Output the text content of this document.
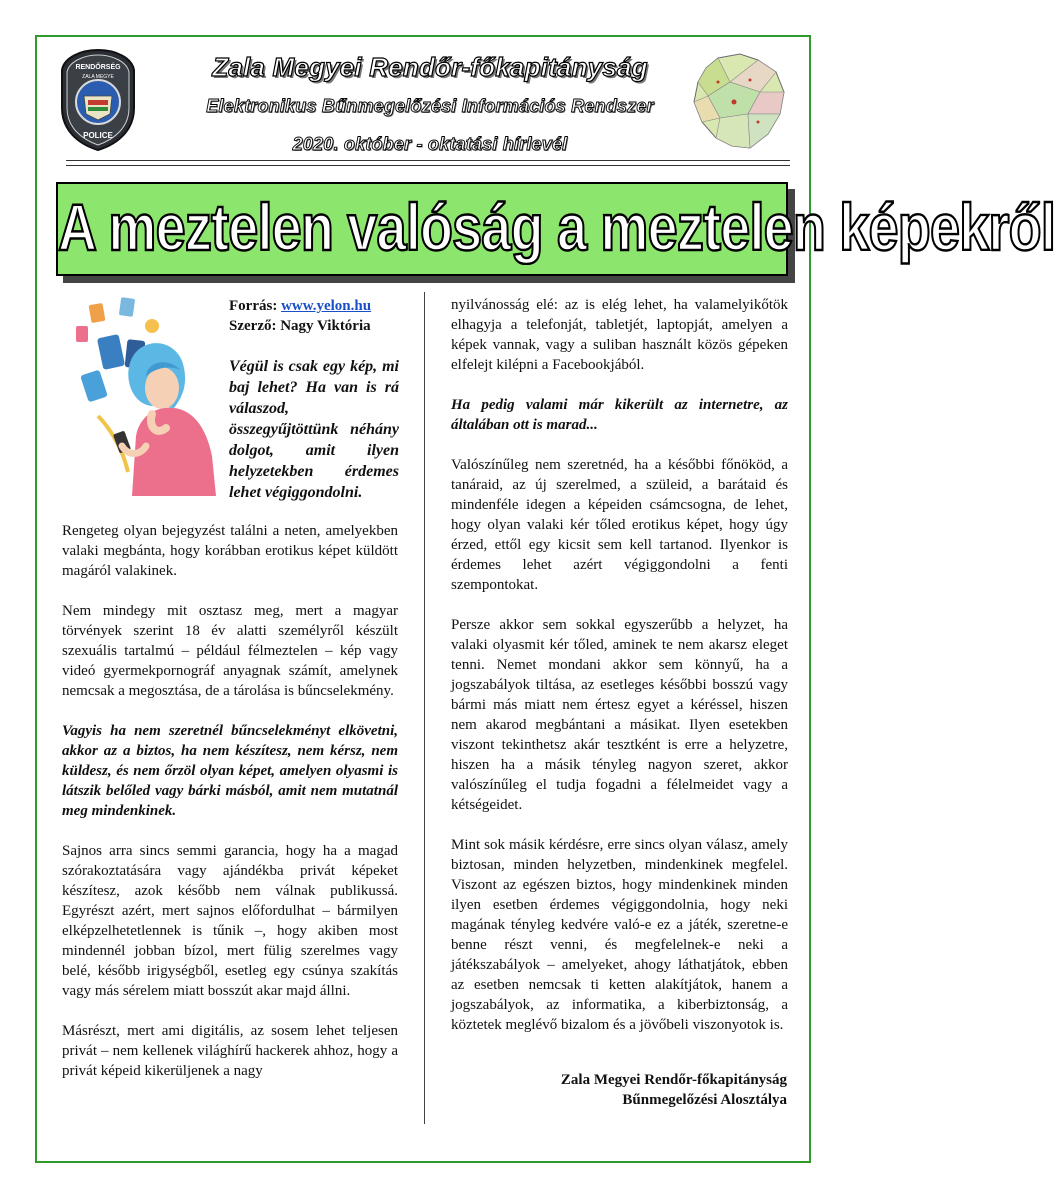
RENDŐRSÉG
ZALA MEGYE
POLICE
Zala Megyei Rendőr-főkapitányság
Elektronikus Bűnmegelőzési Információs Rendszer
2020. október - oktatási hírlevél
A meztelen valóság a meztelen képekről
Forrás: www.yelon.hu
Szerző: Nagy Viktória
Végül is csak egy kép, mi baj lehet? Ha van is rá válaszod, összegyűjtöttünk néhány dolgot, amit ilyen helyzetekben érdemes lehet végiggondolni.

Rengeteg olyan bejegyzést találni a neten, amelyekben valaki megbánta, hogy korábban erotikus képet küldött magáról valakinek.

Nem mindegy mit osztasz meg, mert a magyar törvények szerint 18 év alatti személyről készült szexuális tartalmú – például félmeztelen – kép vagy videó gyermekpornográf anyagnak számít, amelynek nemcsak a megosztása, de a tárolása is bűncselekmény.

Vagyis ha nem szeretnél bűncselekményt elkövetni, akkor az a biztos, ha nem készítesz, nem kérsz, nem küldesz, és nem őrzöl olyan képet, amelyen olyasmi is látszik belőled vagy bárki másból, amit nem mutatnál meg mindenkinek.

Sajnos arra sincs semmi garancia, hogy ha a magad szórakoztatására vagy ajándékba privát képeket készítesz, azok később nem válnak publikussá. Egyrészt azért, mert sajnos előfordulhat – bármilyen elképzelhetetlennek is tűnik –, hogy akiben most mindennél jobban bízol, mert fülig szerelmes vagy belé, később irigységből, esetleg egy csúnya szakítás vagy más sérelem miatt bosszút akar majd állni.

Másrészt, mert ami digitális, az sosem lehet teljesen privát – nem kellenek világhírű hackerek ahhoz, hogy a privát képeid kikerüljenek a nagy

nyilvánosság elé: az is elég lehet, ha valamelyikőtök elhagyja a telefonját, tabletjét, laptopját, amelyen a képek vannak, vagy a suliban használt közös gépeken elfelejt kilépni a Facebookjából.

Ha pedig valami már kikerült az internetre, az általában ott is marad...

Valószínűleg nem szeretnéd, ha a későbbi főnököd, a tanáraid, az új szerelmed, a szüleid, a barátaid és mindenféle idegen a képeiden csámcsogna, de lehet, hogy olyan valaki kér tőled erotikus képet, hogy úgy érzed, ettől egy kicsit sem kell tartanod. Ilyenkor is érdemes lehet azért végiggondolni a fenti szempontokat.

Persze akkor sem sokkal egyszerűbb a helyzet, ha valaki olyasmit kér tőled, aminek te nem akarsz eleget tenni. Nemet mondani akkor sem könnyű, ha a jogszabályok tiltása, az esetleges későbbi bosszú vagy bármi más miatt nem értesz egyet a kéréssel, hiszen nem akarod megbántani a másikat. Ilyen esetekben viszont tekinthetsz akár tesztként is erre a helyzetre, hiszen ha a másik tényleg nagyon szeret, akkor valószínűleg el tudja fogadni a félelmeidet vagy a kétségeidet.

Mint sok másik kérdésre, erre sincs olyan válasz, amely biztosan, minden helyzetben, mindenkinek megfelel. Viszont az egészen biztos, hogy mindenkinek minden ilyen esetben érdemes végiggondolnia, hogy neki magának tényleg kedvére való-e ez a játék, szeretne-e benne részt venni, és megfelelnek-e neki a játékszabályok – amelyeket, ahogy láthatjátok, ebben az esetben nemcsak ti ketten alakítjátok, hanem a jogszabályok, az informatika, a kiberbiztonság, a köztetek meglévő bizalom és a jövőbeli viszonyotok is.

Zala Megyei Rendőr-főkapitányság
Bűnmegelőzési Alosztálya
